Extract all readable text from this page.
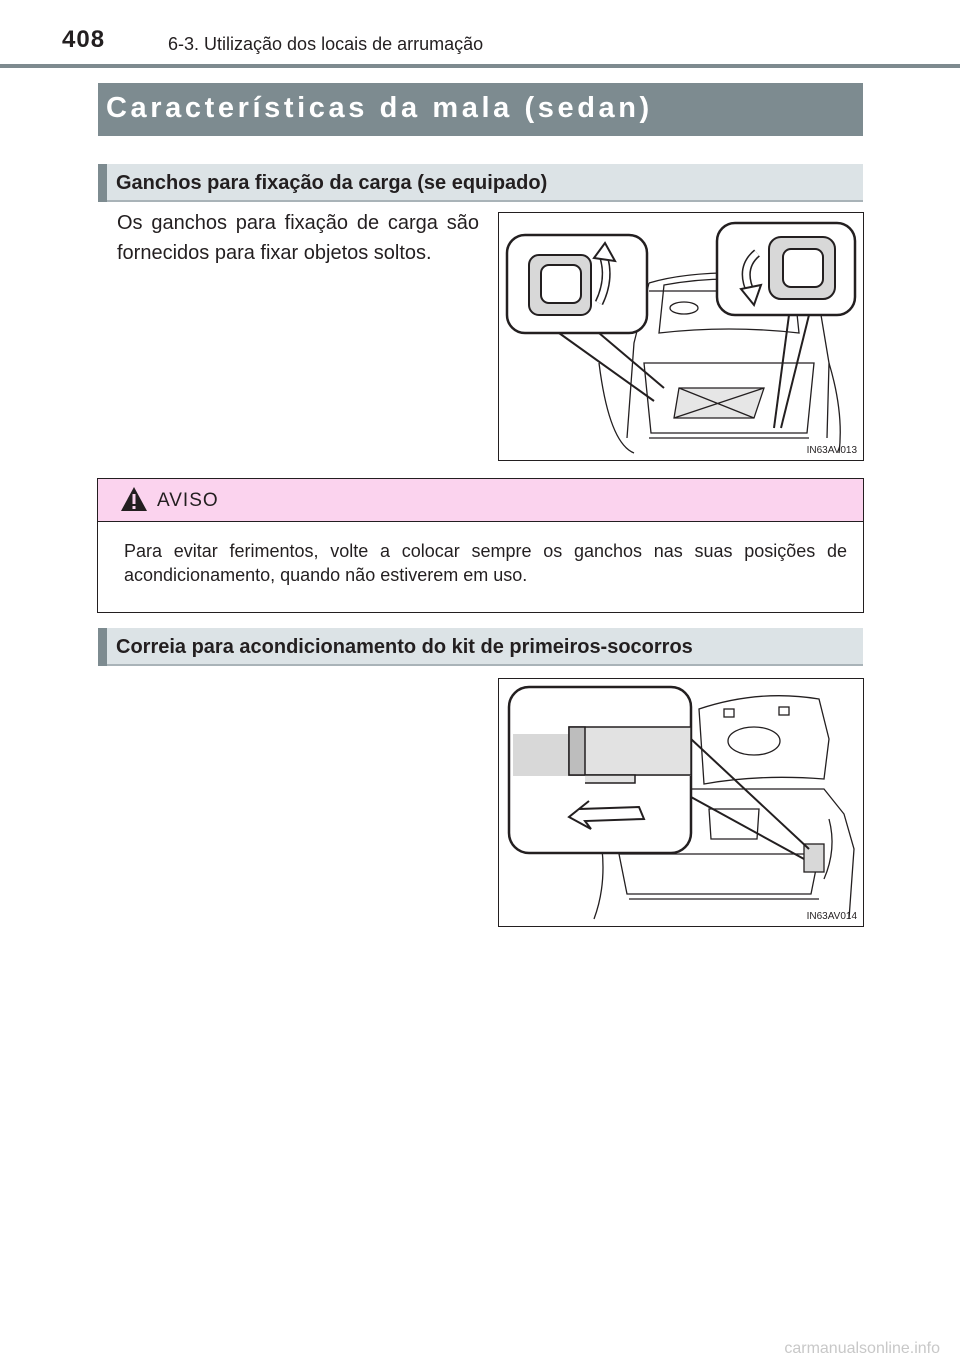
408	6-3. Utilização dos locais de arrumação
Características da mala (sedan)
Ganchos para fixação da carga (se equipado)
Os ganchos para fixação de carga são fornecidos para fixar objetos soltos.
IN63AV013
AVISO
Para evitar ferimentos, volte a colocar sempre os ganchos nas suas posições de acondicionamento, quando não estiverem em uso.
Correia para acondicionamento do kit de primeiros-socorros
IN63AV014
carmanualsonline.info
